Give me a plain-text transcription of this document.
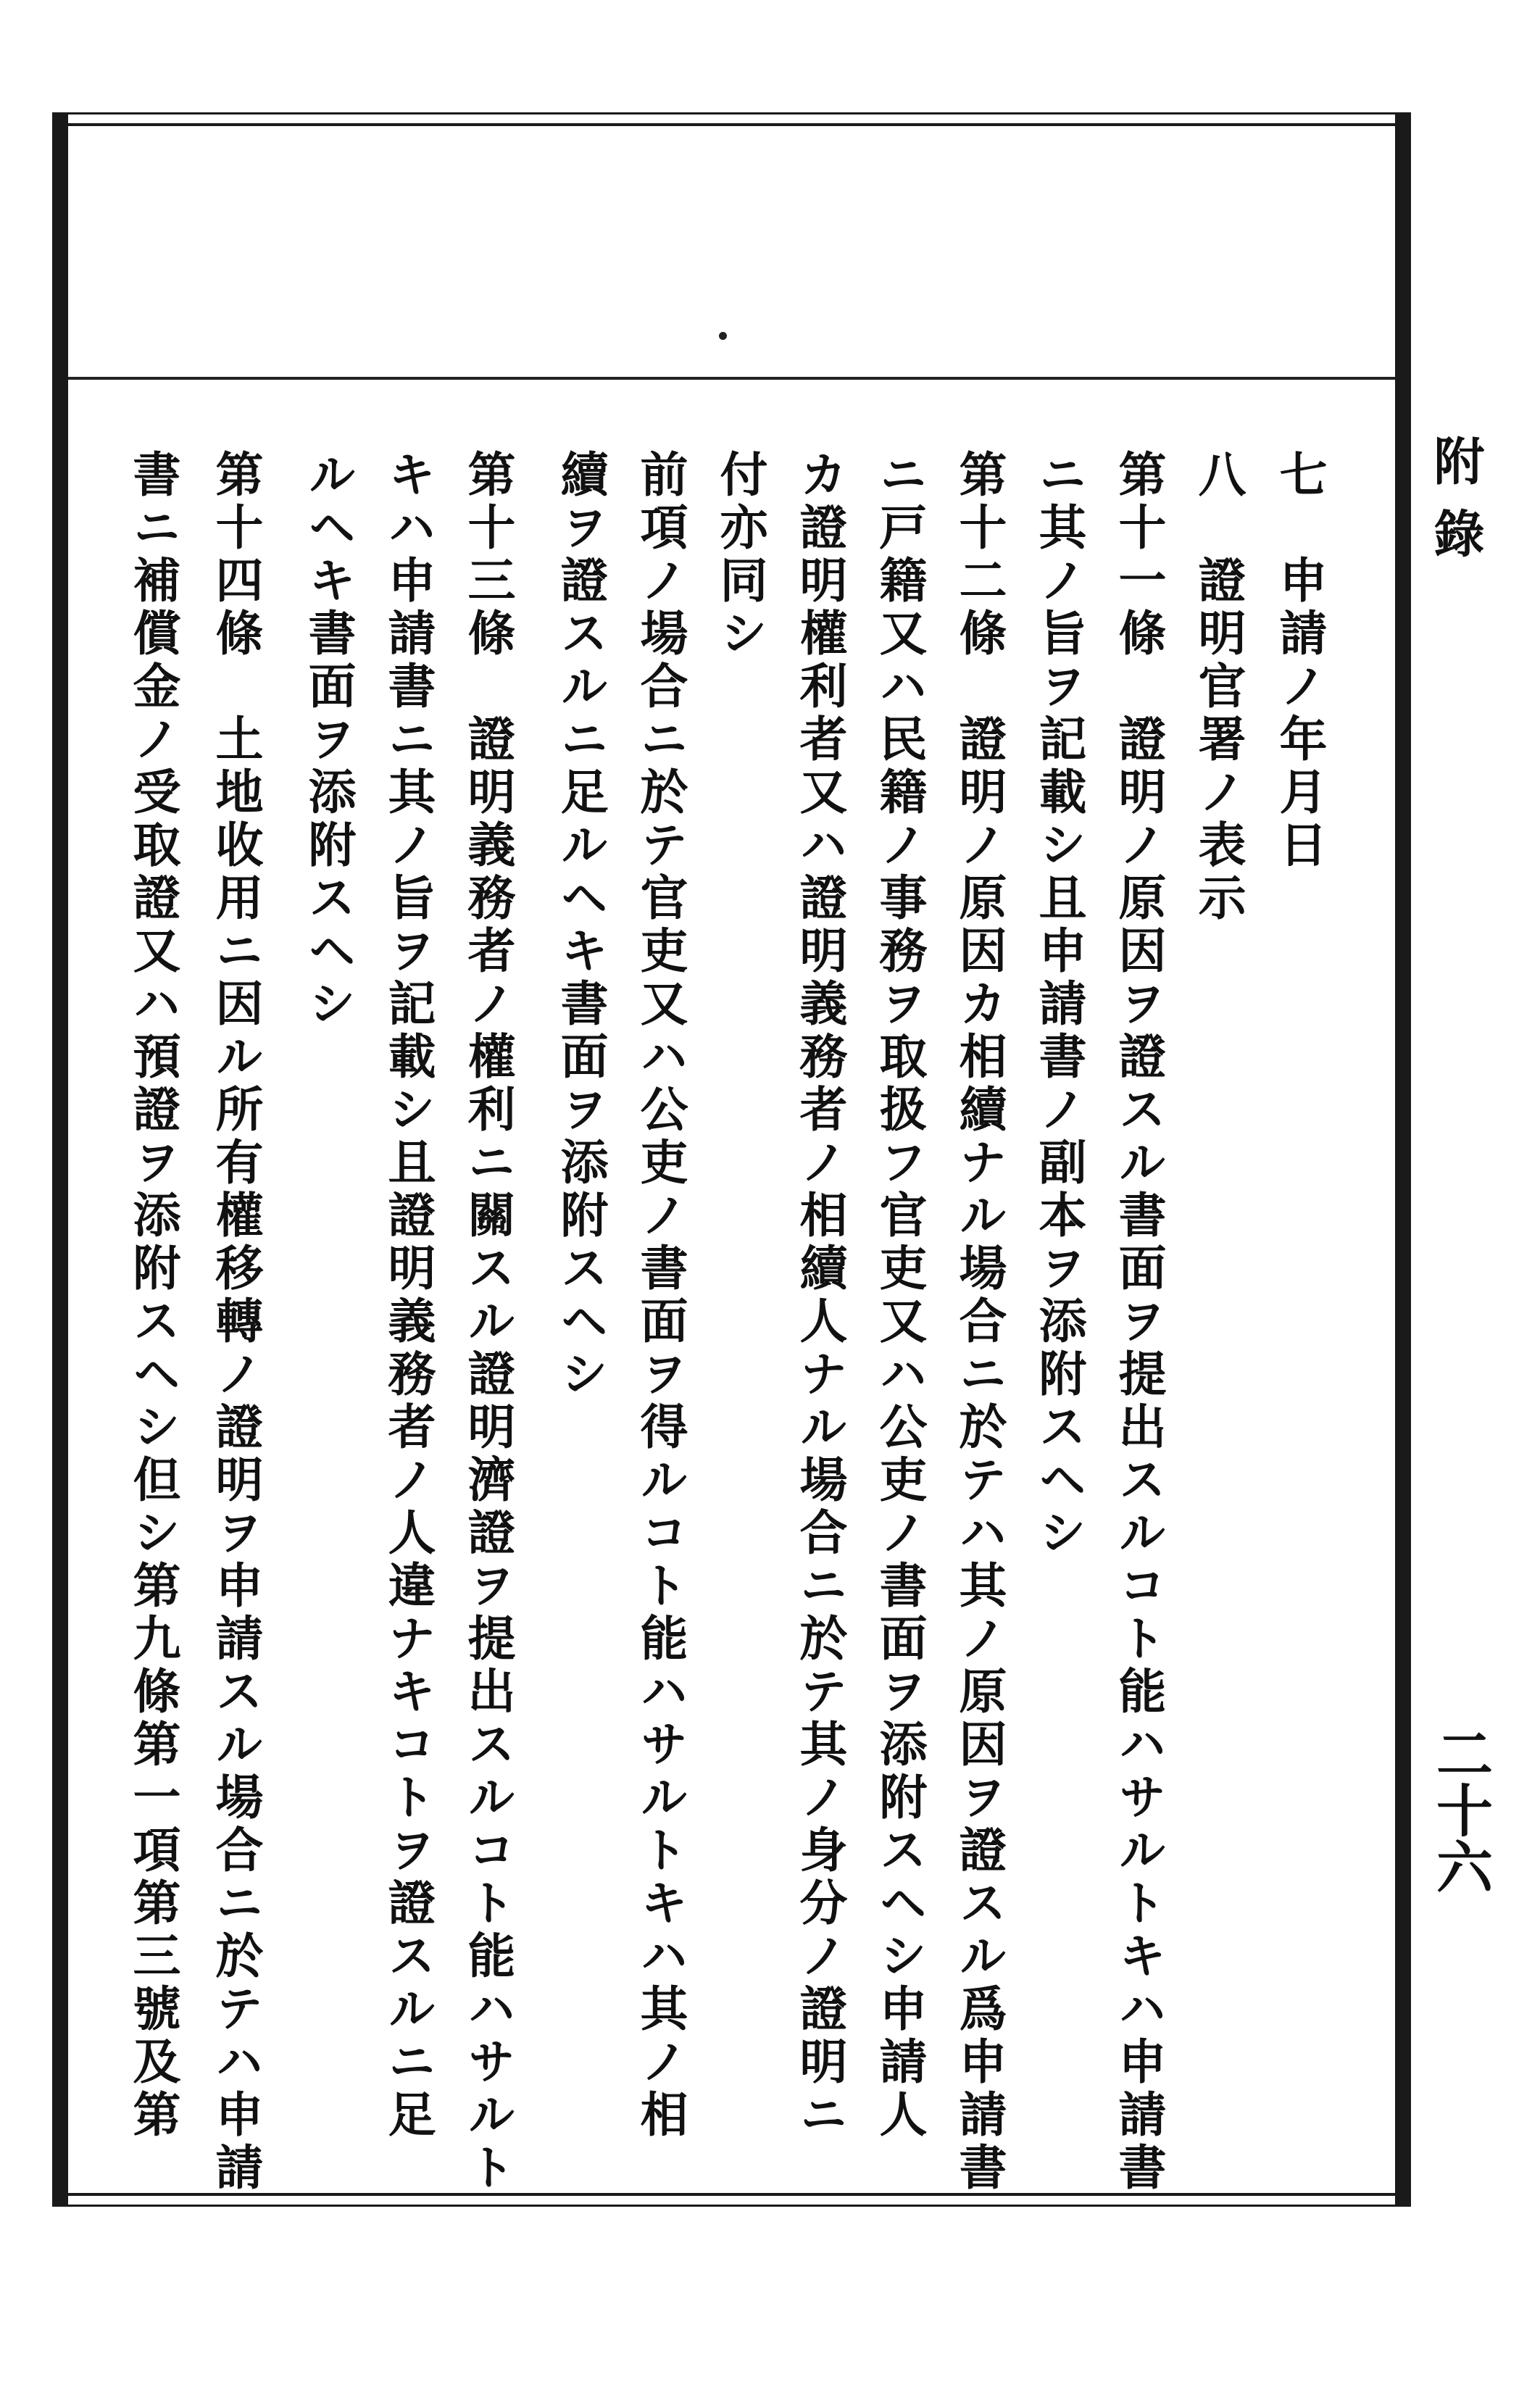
附錄
二十六
七　申請ノ年月日
八　證明官署ノ表示
第十一條　證明ノ原因ヲ證スル書面ヲ提出スルコト能ハサルトキハ申請書
ニ其ノ旨ヲ記載シ且申請書ノ副本ヲ添附スヘシ
第十二條　證明ノ原因カ相續ナル場合ニ於テハ其ノ原因ヲ證スル爲申請書
ニ戸籍又ハ民籍ノ事務ヲ取扱フ官吏又ハ公吏ノ書面ヲ添附スヘシ申請人
カ證明權利者又ハ證明義務者ノ相續人ナル場合ニ於テ其ノ身分ノ證明ニ
付亦同シ
前項ノ場合ニ於テ官吏又ハ公吏ノ書面ヲ得ルコト能ハサルトキハ其ノ相
續ヲ證スルニ足ルヘキ書面ヲ添附スヘシ
第十三條　證明義務者ノ權利ニ關スル證明濟證ヲ提出スルコト能ハサルト
キハ申請書ニ其ノ旨ヲ記載シ且證明義務者ノ人違ナキコトヲ證スルニ足
ルヘキ書面ヲ添附スヘシ
第十四條　土地收用ニ因ル所有權移轉ノ證明ヲ申請スル場合ニ於テハ申請
書ニ補償金ノ受取證又ハ預證ヲ添附スヘシ但シ第九條第一項第三號及第
